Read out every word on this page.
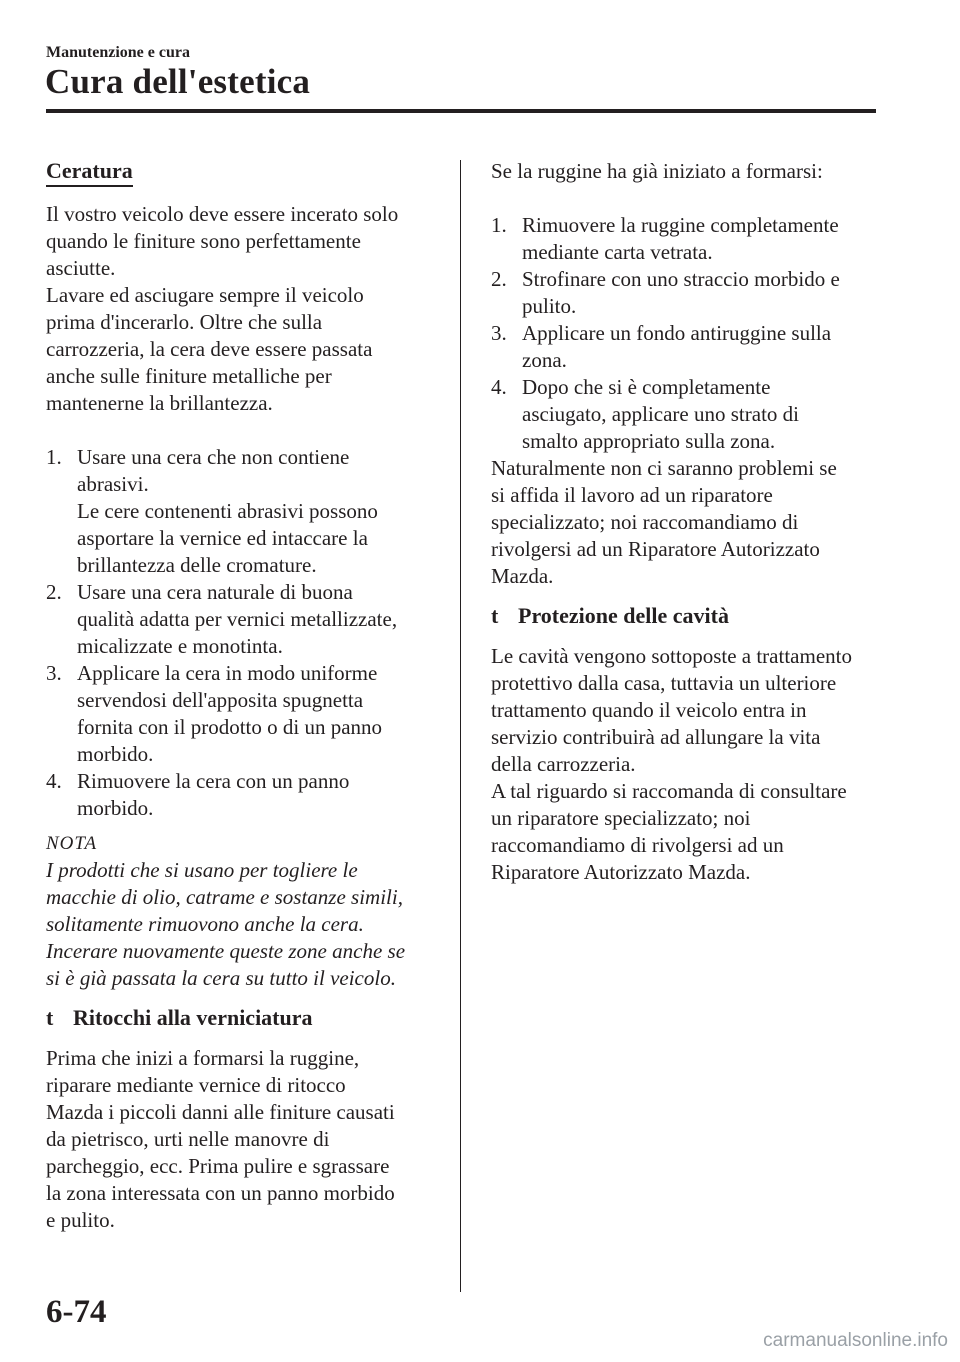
Manutenzione e cura
Cura dell'estetica
Ceratura

Il vostro veicolo deve essere incerato solo

quando le finiture sono perfettamente

asciutte.

Lavare ed asciugare sempre il veicolo

prima d'incerarlo. Oltre che sulla

carrozzeria, la cera deve essere passata

anche sulle finiture metalliche per

mantenerne la brillantezza.

1. Usare una cera che non contiene

abrasivi.

Le cere contenenti abrasivi possono

asportare la vernice ed intaccare la

brillantezza delle cromature.

2. Usare una cera naturale di buona

qualità adatta per vernici metallizzate,

micalizzate e monotinta.

3. Applicare la cera in modo uniforme

servendosi dell'apposita spugnetta

fornita con il prodotto o di un panno

morbido.

4. Rimuovere la cera con un panno

morbido.

NOTA

I prodotti che si usano per togliere le

macchie di olio, catrame e sostanze simili,

solitamente rimuovono anche la cera.

Incerare nuovamente queste zone anche se

si è già passata la cera su tutto il veicolo.

t Ritocchi alla verniciatura

Prima che inizi a formarsi la ruggine,

riparare mediante vernice di ritocco

Mazda i piccoli danni alle finiture causati

da pietrisco, urti nelle manovre di

parcheggio, ecc. Prima pulire e sgrassare

la zona interessata con un panno morbido

e pulito.

Se la ruggine ha già iniziato a formarsi:

1. Rimuovere la ruggine completamente

mediante carta vetrata.

2. Strofinare con uno straccio morbido e

pulito.

3. Applicare un fondo antiruggine sulla

zona.

4. Dopo che si è completamente

asciugato, applicare uno strato di

smalto appropriato sulla zona.

Naturalmente non ci saranno problemi se

si affida il lavoro ad un riparatore

specializzato; noi raccomandiamo di

rivolgersi ad un Riparatore Autorizzato

Mazda.

t Protezione delle cavità

Le cavità vengono sottoposte a trattamento

protettivo dalla casa, tuttavia un ulteriore

trattamento quando il veicolo entra in

servizio contribuirà ad allungare la vita

della carrozzeria.

A tal riguardo si raccomanda di consultare

un riparatore specializzato; noi

raccomandiamo di rivolgersi ad un

Riparatore Autorizzato Mazda.

6-74
carmanualsonline.info
